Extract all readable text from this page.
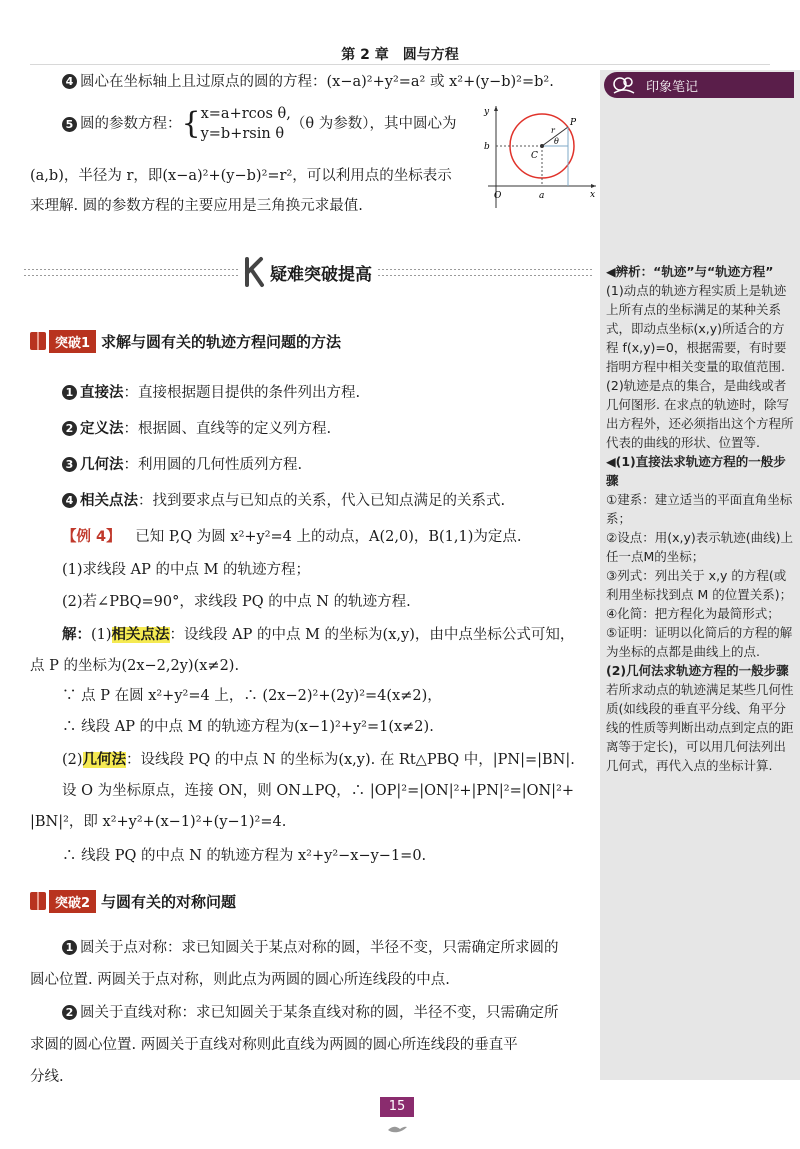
第 2 章　圆与方程
印象笔记
4 圆心在坐标轴上且过原点的圆的方程：(x−a)²+y²=a² 或 x²+(y−b)²=b².
5 圆的参数方程： { x=a+rcos θ,
y=b+rsin θ
（θ 为参数），其中圆心为
(a,b)，半径为 r，即(x−a)²+(y−b)²=r²，可以利用点的坐标表示
来理解. 圆的参数方程的主要应用是三角换元求最值.
y
x
O	a
b
C
P
r
θ
疑难突破提高
突破1 求解与圆有关的轨迹方程问题的方法
1 直接法：直接根据题目提供的条件列出方程.
2 定义法：根据圆、直线等的定义列方程.
3 几何法：利用圆的几何性质列方程.
4 相关点法：找到要求点与已知点的关系，代入已知点满足的关系式.
【例 4】 已知 P,Q 为圆 x²+y²=4 上的动点，A(2,0)，B(1,1)为定点.
(1)求线段 AP 的中点 M 的轨迹方程；
(2)若∠PBQ=90°，求线段 PQ 的中点 N 的轨迹方程.
解：(1)相关点法：设线段 AP 的中点 M 的坐标为(x,y)，由中点坐标公式可知，
点 P 的坐标为(2x−2,2y)(x≠2).
∵ 点 P 在圆 x²+y²=4 上，∴ (2x−2)²+(2y)²=4(x≠2)，
∴ 线段 AP 的中点 M 的轨迹方程为(x−1)²+y²=1(x≠2).
(2)几何法：设线段 PQ 的中点 N 的坐标为(x,y). 在 Rt△PBQ 中，|PN|=|BN|.
设 O 为坐标原点，连接 ON，则 ON⊥PQ，∴ |OP|²=|ON|²+|PN|²=|ON|²+
|BN|²，即 x²+y²+(x−1)²+(y−1)²=4.
∴ 线段 PQ 的中点 N 的轨迹方程为 x²+y²−x−y−1=0.
突破2 与圆有关的对称问题
1 圆关于点对称：求已知圆关于某点对称的圆，半径不变，只需确定所求圆的
圆心位置. 两圆关于点对称，则此点为两圆的圆心所连线段的中点.
2 圆关于直线对称：求已知圆关于某条直线对称的圆，半径不变，只需确定所
求圆的圆心位置. 两圆关于直线对称则此直线为两圆的圆心所连线段的垂直平
分线.
◀辨析：“轨迹”与“轨迹方程”
(1)动点的轨迹方程实质上是轨迹上所有点的坐标满足的某种关系式，即动点坐标(x,y)所适合的方程 f(x,y)=0，根据需要，有时要指明方程中相关变量的取值范围.
(2)轨迹是点的集合，是曲线或者几何图形. 在求点的轨迹时，除写出方程外，还必须指出这个方程所代表的曲线的形状、位置等.
◀(1)直接法求轨迹方程的一般步骤
①建系：建立适当的平面直角坐标系；
②设点：用(x,y)表示轨迹(曲线)上任一点M的坐标；
③列式：列出关于 x,y 的方程(或利用坐标找到点 M 的位置关系)；
④化简：把方程化为最简形式；
⑤证明：证明以化简后的方程的解为坐标的点都是曲线上的点.
(2)几何法求轨迹方程的一般步骤
若所求动点的轨迹满足某些几何性质(如线段的垂直平分线、角平分线的性质等判断出动点到定点的距离等于定长)，可以用几何法列出几何式，再代入点的坐标计算.
15
